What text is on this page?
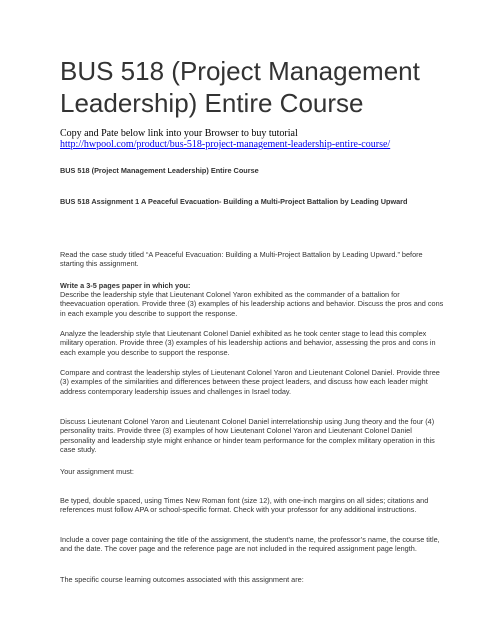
BUS 518 (Project Management Leadership) Entire Course

Copy and Pate below link into your Browser to buy tutorial

http://hwpool.com/product/bus-518-project-management-leadership-entire-course/

BUS 518 (Project Management Leadership) Entire Course

BUS 518 Assignment 1 A Peaceful Evacuation- Building a Multi-Project Battalion by Leading Upward

Read the case study titled “A Peaceful Evacuation: Building a Multi-Project Battalion by Leading Upward.” before starting this assignment.

Write a 3-5 pages paper in which you:

Describe the leadership style that Lieutenant Colonel Yaron exhibited as the commander of a battalion for theevacuation operation. Provide three (3) examples of his leadership actions and behavior. Discuss the pros and cons in each example you describe to support the response.

Analyze the leadership style that Lieutenant Colonel Daniel exhibited as he took center stage to lead this complex military operation. Provide three (3) examples of his leadership actions and behavior, assessing the pros and cons in each example you describe to support the response.

Compare and contrast the leadership styles of Lieutenant Colonel Yaron and Lieutenant Colonel Daniel. Provide three (3) examples of the similarities and differences between these project leaders, and discuss how each leader might address contemporary leadership issues and challenges in Israel today.

Discuss Lieutenant Colonel Yaron and Lieutenant Colonel Daniel interrelationship using Jung theory and the four (4) personality traits. Provide three (3) examples of how Lieutenant Colonel Yaron and Lieutenant Colonel Daniel personality and leadership style might enhance or hinder team performance for the complex military operation in this case study.

Your assignment must:

Be typed, double spaced, using Times New Roman font (size 12), with one-inch margins on all sides; citations and references must follow APA or school-specific format. Check with your professor for any additional instructions.

Include a cover page containing the title of the assignment, the student’s name, the professor’s name, the course title, and the date. The cover page and the reference page are not included in the required assignment page length.

The specific course learning outcomes associated with this assignment are:
